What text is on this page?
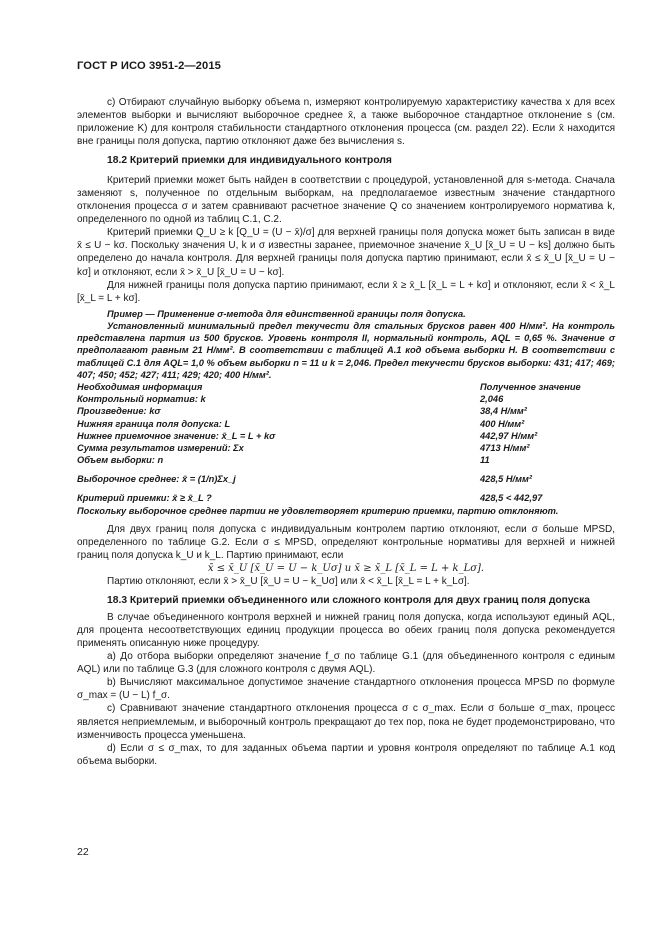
ГОСТ Р ИСО 3951-2—2015

c) Отбирают случайную выборку объема n, измеряют контролируемую характеристику качества x для всех элементов выборки и вычисляют выборочное среднее x̄, а также выборочное стандартное отклонение s (см. приложение K) для контроля стабильности стандартного отклонения процесса (см. раздел 22). Если x̄ находится вне границы поля допуска, партию отклоняют даже без вычисления s.

18.2 Критерий приемки для индивидуального контроля

Критерий приемки может быть найден в соответствии с процедурой, установленной для s-метода. Сначала заменяют s, полученное по отдельным выборкам, на предполагаемое известным значение стандартного отклонения процесса σ и затем сравнивают расчетное значение Q со значением контролируемого норматива k, определенного по одной из таблиц C.1, C.2.

Критерий приемки Q_U ≥ k [Q_U = (U − x̄)/σ] для верхней границы поля допуска может быть записан в виде x̄ ≤ U − kσ. Поскольку значения U, k и σ известны заранее, приемочное значение x̄_U [x̄_U = U − ks] должно быть определено до начала контроля. Для верхней границы поля допуска партию принимают, если x̄ ≤ x̄_U [x̄_U = U − kσ] и отклоняют, если x̄ > x̄_U [x̄_U = U − kσ].

Для нижней границы поля допуска партию принимают, если x̄ ≥ x̄_L [x̄_L = L + kσ] и отклоняют, если x̄ < x̄_L [x̄_L = L + kσ].

Пример — Применение σ-метода для единственной границы поля допуска.

Установленный минимальный предел текучести для стальных брусков равен 400 Н/мм². На контроль представлена партия из 500 брусков. Уровень контроля II, нормальный контроль, AQL = 0,65 %. Значение σ предполагают равным 21 Н/мм². В соответствии с таблицей A.1 код объема выборки H. В соответствии с таблицей C.1 для AQL= 1,0 % объем выборки n = 11 и k = 2,046. Предел текучести брусков выборки: 431; 417; 469; 407; 450; 452; 427; 411; 429; 420; 400 Н/мм².

Необходимая информация	Полученное значение
Контрольный норматив: k	2,046
Произведение: kσ	38,4 Н/мм²
Нижняя граница поля допуска: L	400 Н/мм²
Нижнее приемочное значение: x̄_L = L + kσ	442,97 Н/мм²
Сумма результатов измерений: Σx	4713 Н/мм²
Объем выборки: n	11
Выборочное среднее: x̄ = (1/n)Σx_j	428,5 Н/мм²
Критерий приемки: x̄ ≥ x̄_L ?	428,5 < 442,97

Поскольку выборочное среднее партии не удовлетворяет критерию приемки, партию отклоняют.

Для двух границ поля допуска с индивидуальным контролем партию отклоняют, если σ больше MPSD, определенного по таблице G.2. Если σ ≤ MPSD, определяют контрольные нормативы для верхней и нижней границ поля допуска k_U и k_L. Партию принимают, если

x̄ ≤ x̄_U [x̄_U = U − k_Uσ] и x̄ ≥ x̄_L [x̄_L = L + k_Lσ].

Партию отклоняют, если x̄ > x̄_U [x̄_U = U − k_Uσ] или x̄ < x̄_L [x̄_L = L + k_Lσ].

18.3 Критерий приемки объединенного или сложного контроля для двух границ поля допуска

В случае объединенного контроля верхней и нижней границ поля допуска, когда используют единый AQL, для процента несоответствующих единиц продукции процесса во обеих границ поля допуска рекомендуется применять описанную ниже процедуру.

a) До отбора выборки определяют значение f_σ по таблице G.1 (для объединенного контроля с единым AQL) или по таблице G.3 (для сложного контроля с двумя AQL).

b) Вычисляют максимальное допустимое значение стандартного отклонения процесса MPSD по формуле σ_max = (U − L) f_σ.

c) Сравнивают значение стандартного отклонения процесса σ с σ_max. Если σ больше σ_max, процесс является неприемлемым, и выборочный контроль прекращают до тех пор, пока не будет продемонстрировано, что изменчивость процесса уменьшена.

d) Если σ ≤ σ_max, то для заданных объема партии и уровня контроля определяют по таблице A.1 код объема выборки.

22
